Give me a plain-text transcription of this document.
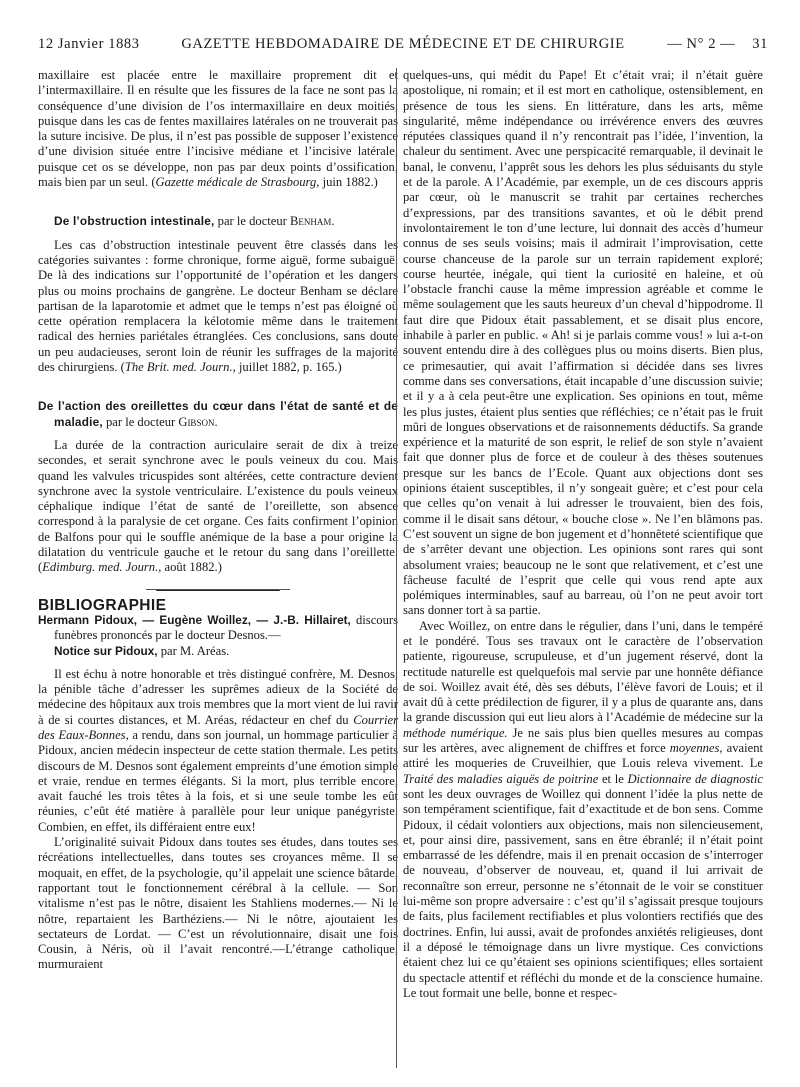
12 Janvier 1883	GAZETTE HEBDOMADAIRE DE MÉDECINE ET DE CHIRURGIE	— N° 2 — 31

maxillaire est placée entre le maxillaire proprement dit et l’intermaxillaire. Il en résulte que les fissures de la face ne sont pas la conséquence d’une division de l’os intermaxillaire en deux moitiés, puisque dans les cas de fentes maxillaires latérales on ne trouverait pas la suture incisive. De plus, il n’est pas possible de supposer l’existence d’une division située entre l’incisive médiane et l’incisive latérale, puisque cet os se développe, non pas par deux points d’ossification, mais bien par un seul. (Gazette médicale de Strasbourg, juin 1882.)

De l’obstruction intestinale, par le docteur Benham.

Les cas d’obstruction intestinale peuvent être classés dans les catégories suivantes : forme chronique, forme aiguë, forme subaiguë. De là des indications sur l’opportunité de l’opération et les dangers plus ou moins prochains de gangrène. Le docteur Benham se déclare partisan de la laparotomie et admet que le temps n’est pas éloigné où cette opération remplacera la kélotomie même dans le traitement radical des hernies pariétales étranglées. Ces conclusions, sans doute un peu audacieuses, seront loin de réunir les suffrages de la majorité des chirurgiens. (The Brit. med. Journ., juillet 1882, p. 165.)

De l’action des oreillettes du cœur dans l’état de santé et de maladie, par le docteur Gibson.

La durée de la contraction auriculaire serait de dix à treize secondes, et serait synchrone avec le pouls veineux du cou. Mais quand les valvules tricuspides sont altérées, cette contracture devient synchrone avec la systole ventriculaire. L’existence du pouls veineux céphalique indique l’état de santé de l’oreillette, son absence correspond à la paralysie de cet organe. Ces faits confirment l’opinion de Balfons pour qui le souffle anémique de la base a pour origine la dilatation du ventricule gauche et le retour du sang dans l’oreillette. (Edimburg. med. Journ., août 1882.)

BIBLIOGRAPHIE

Hermann Pidoux, — Eugène Woillez, — J.-B. Hillairet, discours funèbres prononcés par le docteur Desnos.—
Notice sur Pidoux, par M. Aréas.

Il est échu à notre honorable et très distingué confrère, M. Desnos, la pénible tâche d’adresser les suprêmes adieux de la Société de médecine des hôpitaux aux trois membres que la mort vient de lui ravir à de si courtes distances, et M. Aréas, rédacteur en chef du Courrier des Eaux-Bonnes, a rendu, dans son journal, un hommage particulier à Pidoux, ancien médecin inspecteur de cette station thermale. Les petits discours de M. Desnos sont également empreints d’une émotion simple et vraie, rendue en termes élégants. Si la mort, plus terrible encore, avait fauché les trois têtes à la fois, et si une seule tombe les eût réunies, c’eût été matière à parallèle pour leur unique panégyriste. Combien, en effet, ils différaient entre eux!

L’originalité suivait Pidoux dans toutes ses études, dans toutes ses récréations intellectuelles, dans toutes ses croyances même. Il se moquait, en effet, de la psychologie, qu’il appelait une science bâtarde, rapportant tout le fonctionnement cérébral à la cellule. — Son vitalisme n’est pas le nôtre, disaient les Stahliens modernes.— Ni le nôtre, repartaient les Barthéziens.— Ni le nôtre, ajoutaient les sectateurs de Lordat. — C’est un révolutionnaire, disait une fois Cousin, à Néris, où il l’avait rencontré.—L’étrange catholique, murmuraient

quelques-uns, qui médit du Pape! Et c’était vrai; il n’était guère apostolique, ni romain; et il est mort en catholique, ostensiblement, en présence de tous les siens. En littérature, dans les arts, même singularité, même indépendance ou irrévérence envers des œuvres réputées classiques quand il n’y rencontrait pas l’idée, l’invention, la chaleur du sentiment. Avec une perspicacité remarquable, il devinait le banal, le convenu, l’apprêt sous les dehors les plus séduisants du style et de la parole. A l’Académie, par exemple, un de ces discours appris par cœur, où le manuscrit se trahit par certaines recherches d’expressions, par des transitions savantes, et où le débit prend involontairement le ton d’une lecture, lui donnait des accès d’humeur connus de ses seuls voisins; mais il admirait l’improvisation, cette course chanceuse de la parole sur un terrain rapidement exploré; course heurtée, inégale, qui tient la curiosité en haleine, et où l’obstacle franchi cause la même impression agréable et comme le même soulagement que les sauts heureux d’un cheval d’hippodrome. Il faut dire que Pidoux était passablement, et se disait plus encore, inhabile à parler en public. « Ah! si je parlais comme vous! » lui a-t-on souvent entendu dire à des collègues plus ou moins diserts. Bien plus, ce primesautier, qui avait l’affirmation si décidée dans ses livres comme dans ses conversations, était incapable d’une discussion suivie; et il y a à cela peut-être une explication. Ses opinions en tout, même les plus justes, étaient plus senties que réfléchies; ce n’était pas le fruit mûri de longues observations et de raisonnements déductifs. Sa grande expérience et la maturité de son esprit, le relief de son style n’avaient fait que donner plus de force et de couleur à des thèses soutenues presque sur les bancs de l’Ecole. Quant aux objections dont ses opinions étaient susceptibles, il n’y songeait guère; et c’est pour cela que celles qu’on venait à lui adresser le trouvaient, bien des fois, comme il le disait sans détour, « bouche close ». Ne l’en blâmons pas. C’est souvent un signe de bon jugement et d’honnêteté scientifique que de s’arrêter devant une objection. Les opinions sont rares qui sont absolument vraies; beaucoup ne le sont que relativement, et c’est une fâcheuse faculté de l’esprit que celle qui vous rend apte aux polémiques interminables, sauf au barreau, où l’on ne peut avoir tort sans donner tort à sa partie.

Avec Woillez, on entre dans le régulier, dans l’uni, dans le tempéré et le pondéré. Tous ses travaux ont le caractère de l’observation patiente, rigoureuse, scrupuleuse, et d’un jugement réservé, dont la rectitude naturelle est quelquefois mal servie par une honnête défiance de soi. Woillez avait été, dès ses débuts, l’élève favori de Louis; et il avait dû à cette prédilection de figurer, il y a plus de quarante ans, dans la grande discussion qui eut lieu alors à l’Académie de médecine sur la méthode numérique. Je ne sais plus bien quelles mesures au compas sur les artères, avec alignement de chiffres et force moyennes, avaient attiré les moqueries de Cruveilhier, que Louis releva vivement. Le Traité des maladies aiguës de poitrine et le Dictionnaire de diagnostic sont les deux ouvrages de Woillez qui donnent l’idée la plus nette de son tempérament scientifique, fait d’exactitude et de bon sens. Comme Pidoux, il cédait volontiers aux objections, mais non silencieusement, et, pour ainsi dire, passivement, sans en être ébranlé; il n’était point embarrassé de les défendre, mais il en prenait occasion de s’interroger de nouveau, d’observer de nouveau, et, quand il lui arrivait de reconnaître son erreur, personne ne s’étonnait de le voir se constituer lui-même son propre adversaire : c’est qu’il s’agissait presque toujours de faits, plus facilement rectifiables et plus volontiers rectifiés que des doctrines. Enfin, lui aussi, avait de profondes anxiétés religieuses, dont il a déposé le témoignage dans un livre mystique. Ces convictions étaient chez lui ce qu’étaient ses opinions scientifiques; elles sortaient du spectacle attentif et réfléchi du monde et de la conscience humaine. Le tout formait une belle, bonne et respec-
